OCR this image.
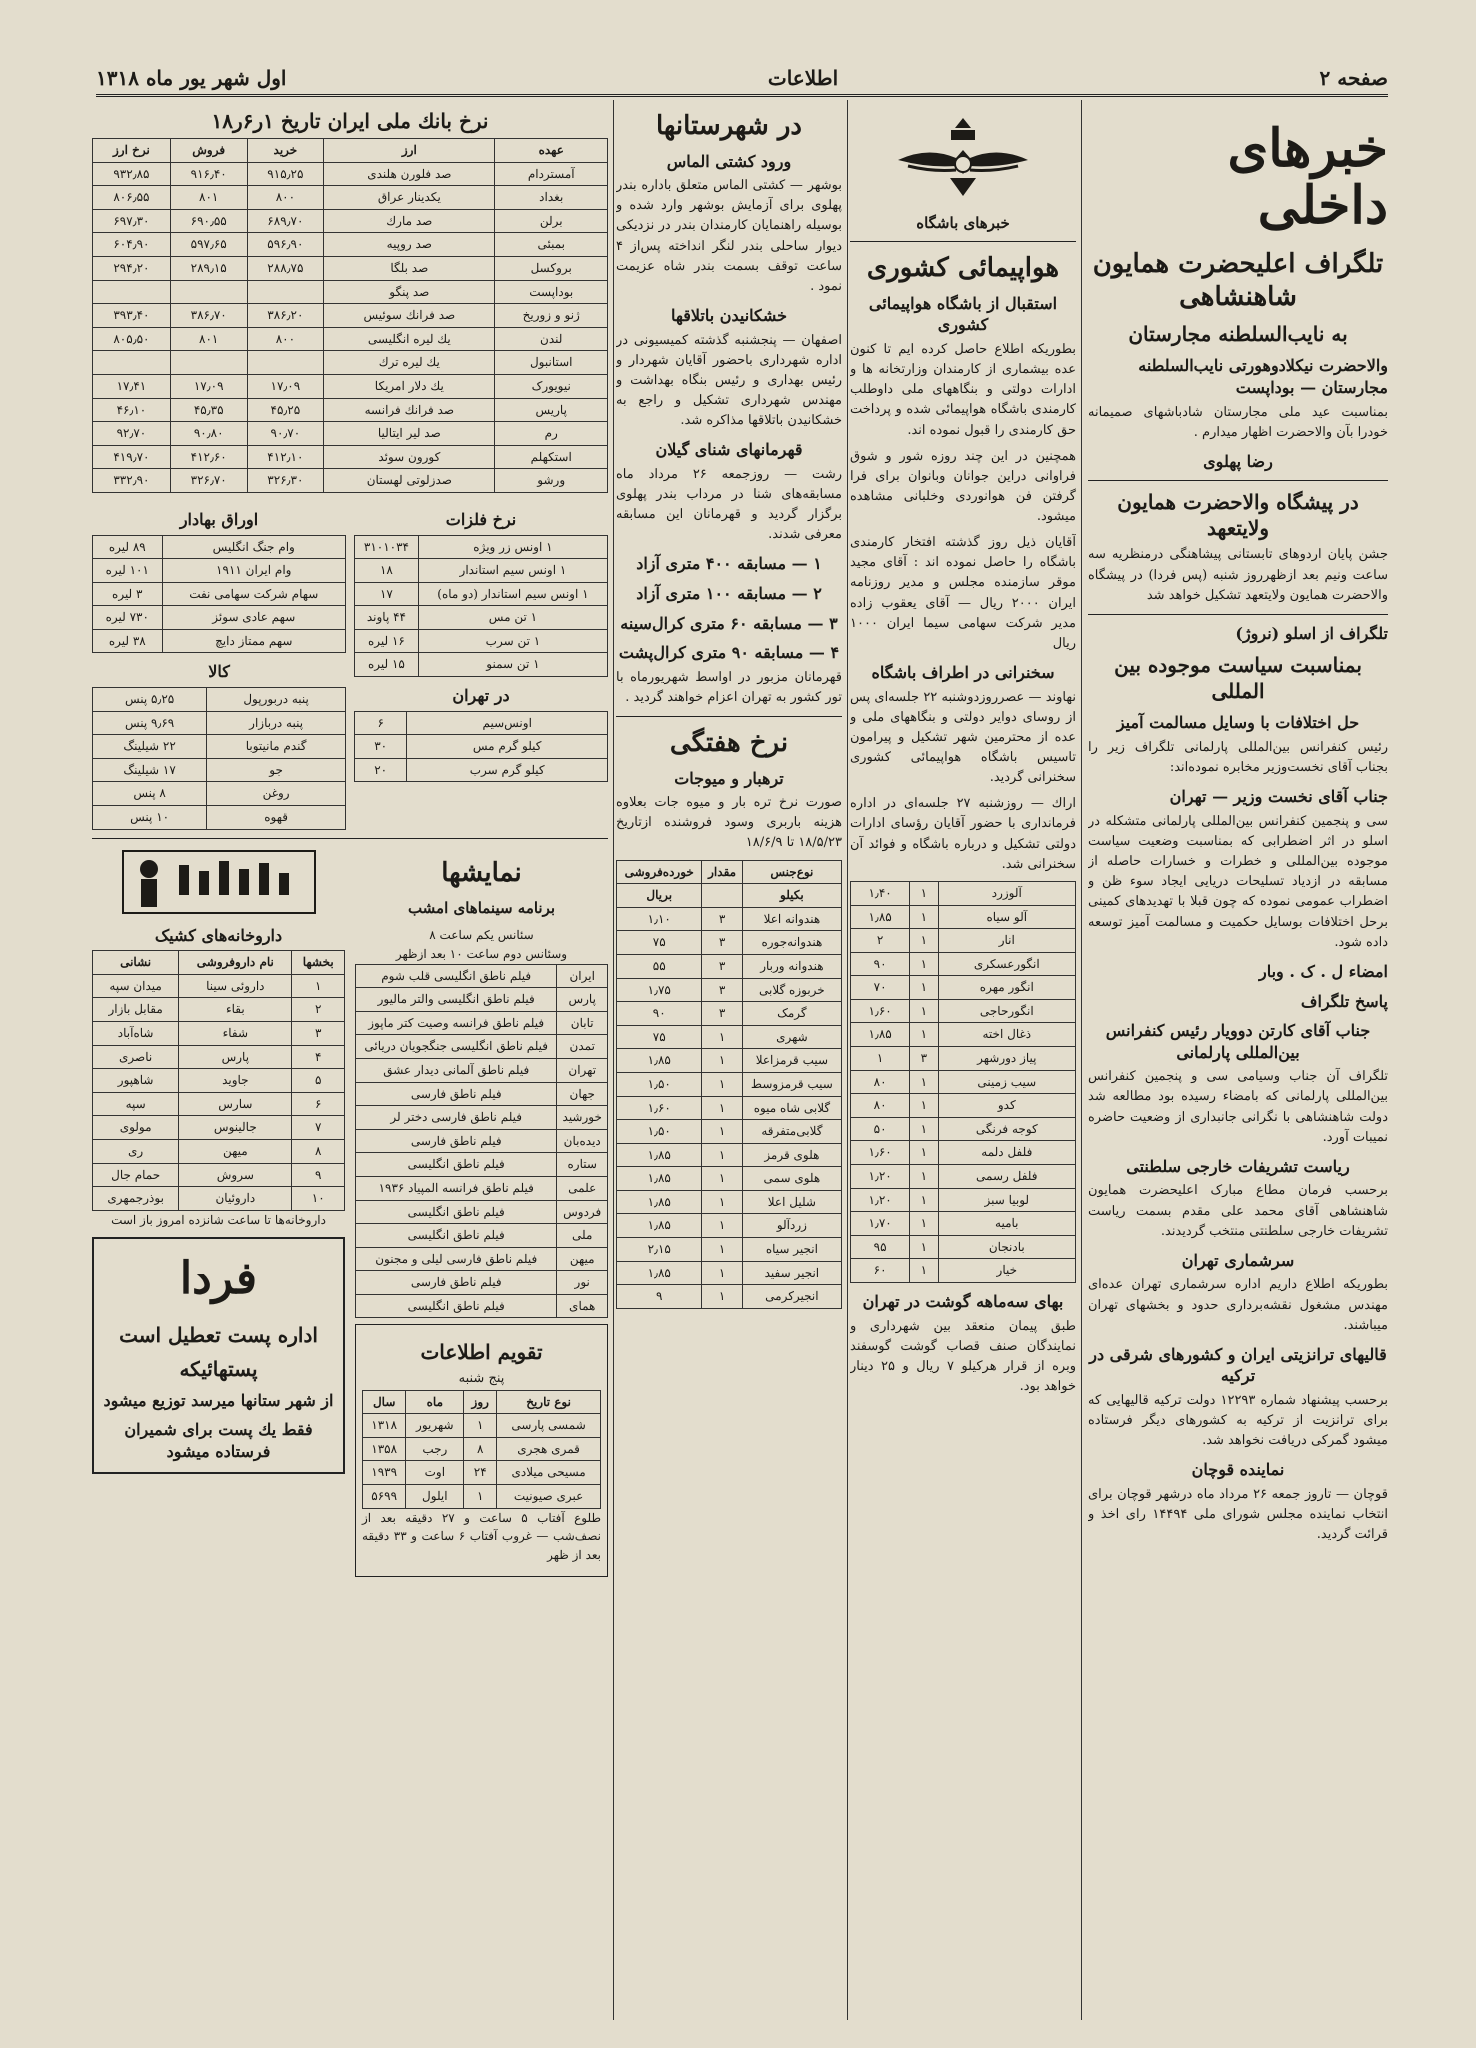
صفحه ۲
اطلاعات
اول شهر یور ماه ۱۳۱۸
خبرهای داخلی
تلگراف اعلیحضرت همایون شاهنشاهی
به نایب‌السلطنه مجارستان
والاحضرت نیکلادوهورتی نایب‌السلطنه مجارستان — بوداپست

بمناسبت عید ملی مجارستان شادباشهای صمیمانه خودرا بآن والاحضرت اظهار میدارم .

رضا پهلوی
در پیشگاه والاحضرت همایون ولایتعهد

جشن پایان اردوهای تابستانی پیشاهنگی درمنظریه سه ساعت ونیم بعد ازظهرروز شنبه (پس فردا) در پیشگاه والاحضرت همایون ولایتعهد تشکیل خواهد شد

تلگراف از اسلو (نروژ)
بمناسبت سیاست موجوده بین المللی
حل اختلافات با وسایل مسالمت آمیز

رئیس کنفرانس بین‌المللی پارلمانی تلگراف زیر را بجناب آقای نخست‌وزیر مخابره نموده‌اند:

جناب آقای نخست وزیر — تهران

سی و پنجمین کنفرانس بین‌المللی پارلمانی متشکله در اسلو در اثر اضطرابی که بمناسبت وضعیت سیاست موجوده بین‌المللی و خطرات و خسارات حاصله از مسابقه در ازدیاد تسلیحات دریایی ایجاد سوء ظن و اضطراب عمومی نموده که چون قبلا با تهدیدهای کمینی برحل اختلافات بوسایل حکمیت و مسالمت آمیز توسعه داده شود.

امضاء ل . ک . وبار
پاسخ تلگراف
جناب آقای کارتن دوویار رئیس کنفرانس بین‌المللی پارلمانی

تلگراف آن جناب وسیامی سی و پنجمین کنفرانس بین‌المللی پارلمانی که بامضاء رسیده بود مطالعه شد دولت شاهنشاهی با نگرانی جانبداری از وضعیت حاضره نمیبات آورد.

ریاست تشریفات خارجی سلطنتی

برحسب فرمان مطاع مبارک اعلیحضرت همایون شاهنشاهی آقای محمد علی مقدم بسمت ریاست تشریفات خارجی سلطنتی منتخب گردیدند.

سرشماری تهران

بطوریکه اطلاع داریم اداره سرشماری تهران عده‌ای مهندس مشغول نقشه‌برداری حدود و بخشهای تهران میباشند.

قالیهای ترانزیتی ایران و کشورهای شرقی در ترکیه

برحسب پیشنهاد شماره ۱۲۲۹۳ دولت ترکیه قالیهایی که برای ترانزیت از ترکیه به کشورهای دیگر فرستاده میشود گمرکی دریافت نخواهد شد.

نماینده قوچان

قوچان — تاروز جمعه ۲۶ مرداد ماه درشهر قوچان برای انتخاب نماینده مجلس شورای ملی ۱۴۴۹۴ رای اخذ و قرائت گردید.

خبرهای باشگاه
هواپیمائی کشوری
استقبال از باشگاه هواپیمائی کشوری

بطوریکه اطلاع حاصل کرده ایم تا کنون عده بیشماری از کارمندان وزارتخانه ها و ادارات دولتی و بنگاههای ملی داوطلب کارمندی باشگاه هواپیمائی شده و پرداخت حق کارمندی را قبول نموده اند.

همچنین در این چند روزه شور و شوق فراوانی دراین جوانان وبانوان برای فرا گرفتن فن هوانوردی وخلبانی مشاهده میشود.

آقایان ذیل روز گذشته افتخار کارمندی باشگاه را حاصل نموده اند : آقای مجید موقر سازمنده مجلس و مدیر روزنامه ایران ۲۰۰۰ ریال — آقای یعقوب زاده مدیر شرکت سهامی سیما ایران ۱۰۰۰ ریال

سخنرانی در اطراف باشگاه

نهاوند — عصرروزدوشنبه ۲۲ جلسه‌ای پس از روسای دوایر دولتی و بنگاههای ملی و عده از محترمین شهر تشکیل و پیرامون تاسیس باشگاه هواپیمائی کشوری سخنرانی گردید.

اراك — روزشنبه ۲۷ جلسه‌ای در اداره فرمانداری با حضور آقایان رؤسای ادارات دولتی تشکیل و درباره باشگاه و فوائد آن سخنرانی شد.

آلوزرد	۱	۱٫۴۰
آلو سیاه	۱	۱٫۸۵
انار	۱	۲
انگورعسکری	۱	۹۰
انگور مهره	۱	۷۰
انگورحاجی	۱	۱٫۶۰
ذغال اخته	۱	۱٫۸۵
پیاز دورشهر	۳	۱
سیب زمینی	۱	۸۰
کدو	۱	۸۰
کوجه فرنگی	۱	۵۰
فلفل دلمه	۱	۱٫۶۰
فلفل رسمی	۱	۱٫۲۰
لوبیا سبز	۱	۱٫۲۰
بامیه	۱	۱٫۷۰
بادنجان	۱	۹۵
خیار	۱	۶۰
بهای سه‌ماهه گوشت در تهران

طبق پیمان منعقد بین شهرداری و نمایندگان صنف قصاب گوشت گوسفند وبره از قرار هرکیلو ۷ ریال و ۲۵ دینار خواهد بود.

در شهرستانها
ورود کشتی الماس

بوشهر — کشتی الماس متعلق باداره بندر پهلوی برای آزمایش بوشهر وارد شده و بوسیله راهنمایان کارمندان بندر در نزدیکی دیوار ساحلی بندر لنگر انداخته پس‌از ۴ ساعت توقف بسمت بندر شاه عزیمت نمود .

خشکانیدن باتلاقها

اصفهان — پنجشنبه گذشته کمیسیونی در اداره شهرداری باحضور آقایان شهردار و رئیس بهداری و رئیس بنگاه بهداشت و مهندس شهرداری تشکیل و راجع به خشکانیدن باتلاقها مذاکره شد.

قهرمانهای شنای گیلان

رشت — روزجمعه ۲۶ مرداد ماه مسابقه‌های شنا در مرداب بندر پهلوی برگزار گردید و قهرمانان این مسابقه معرفی شدند.

۱ — مسابقه ۴۰۰ متری آزاد
۲ — مسابقه ۱۰۰ متری آزاد
۳ — مسابقه ۶۰ متری کرال‌سینه
۴ — مسابقه ۹۰ متری کرال‌پشت

قهرمانان مزبور در اواسط شهریورماه با تور کشور به تهران اعزام خواهند گردید .

نرخ هفتگی
ترهبار و میوجات

صورت نرخ تره بار و میوه جات بعلاوه هزینه باربری وسود فروشنده ازتاریخ ۱۸/۵/۲۳ تا ۱۸/۶/۹

نوع‌جنس	مقدار	خورده‌فروشی
بکیلو		بریال
هندوانه اعلا	۳	۱٫۱۰
هندوانه‌جوره	۳	۷۵
هندوانه وربار	۳	۵۵
خربوزه گلابی	۳	۱٫۷۵
گرمک	۳	۹۰
شهری	۱	۷۵
سیب قرمزاعلا	۱	۱٫۸۵
سیب قرمزوسط	۱	۱٫۵۰
گلابی شاه میوه	۱	۱٫۶۰
گلابی‌متفرقه	۱	۱٫۵۰
هلوی قرمز	۱	۱٫۸۵
هلوی سمی	۱	۱٫۸۵
شلیل اعلا	۱	۱٫۸۵
زردآلو	۱	۱٫۸۵
انجیر سیاه	۱	۲٫۱۵
انجیر سفید	۱	۱٫۸۵
انجیرکرمی	۱	۹
نرخ بانك ملی ایران تاریخ ۱ر۶ر۱۸
عهده	ارز	خرید	فروش	نرخ ارز
آمستردام	صد فلورن هلندی	۹۱۵٫۲۵	۹۱۶٫۴۰	۹۳۲٫۸۵
بغداد	یکدینار عراق	۸۰۰	۸۰۱	۸۰۶٫۵۵
برلن	صد مارك	۶۸۹٫۷۰	۶۹۰٫۵۵	۶۹۷٫۳۰
بمبئی	صد روپیه	۵۹۶٫۹۰	۵۹۷٫۶۵	۶۰۴٫۹۰
بروکسل	صد بلگا	۲۸۸٫۷۵	۲۸۹٫۱۵	۲۹۴٫۲۰
بوداپست	صد پنگو			
ژنو و زوریخ	صد فرانك سوئیس	۳۸۶٫۲۰	۳۸۶٫۷۰	۳۹۳٫۴۰
لندن	یك لیره انگلیسی	۸۰۰	۸۰۱	۸۰۵٫۵۰
استانبول	یك لیره ترك			
نیویورک	یك دلار امریکا	۱۷٫۰۹	۱۷٫۰۹	۱۷٫۴۱
پاریس	صد فرانك فرانسه	۴۵٫۲۵	۴۵٫۳۵	۴۶٫۱۰
رم	صد لیر ایتالیا	۹۰٫۷۰	۹۰٫۸۰	۹۲٫۷۰
استکهلم	کورون سوئد	۴۱۲٫۱۰	۴۱۲٫۶۰	۴۱۹٫۷۰
ورشو	صدزلوتی لهستان	۳۲۶٫۳۰	۳۲۶٫۷۰	۳۳۲٫۹۰
نرخ فلزات
۱ اونس زر ویژه	۳۱۰۱۰۳۴
۱ اونس سیم استاندار	۱۸
۱ اونس سیم استاندار (دو ماه)	۱۷
۱ تن مس	۴۴ پاوند
۱ تن سرب	۱۶ لیره
۱ تن سمنو	۱۵ لیره
در تهران
اونس‌سیم	۶
کیلو گرم مس	۳۰
کیلو گرم سرب	۲۰
اوراق بهادار
وام جنگ انگلیس	۸۹ لیره
وام ایران ۱۹۱۱	۱۰۱ لیره
سهام شرکت سهامی نفت	۳ لیره
سهم عادی سوئز	۷۳۰ لیره
سهم ممتاز دایچ	۳۸ لیره
کالا
پنبه دربورپول	۵٫۲۵ پنس
پنبه دربازار	۹٫۶۹ پنس
گندم مانیتوبا	۲۲ شیلینگ
جو	۱۷ شیلینگ
روغن	۸ پنس
قهوه	۱۰ پنس
نمایشها
برنامه سینماهای امشب
سئانس یکم ساعت ۸
وسئانس دوم ساعت ۱۰ بعد ازظهر
ایران	فیلم ناطق انگلیسی قلب شوم
پارس	فیلم ناطق انگلیسی والتر مالیور
تابان	فیلم ناطق فرانسه وصیت کتر ماپوز
تمدن	فیلم ناطق انگلیسی جنگجویان دریائی
تهران	فیلم ناطق آلمانی دیدار عشق
جهان	فیلم ناطق فارسی
خورشید	فیلم ناطق فارسی دختر لر
دیده‌بان	فیلم ناطق فارسی
ستاره	فیلم ناطق انگلیسی
علمی	فیلم ناطق فرانسه المپیاد ۱۹۳۶
فردوس	فیلم ناطق انگلیسی
ملی	فیلم ناطق انگلیسی
میهن	فیلم ناطق فارسی لیلی و مجنون
نور	فیلم ناطق فارسی
همای	فیلم ناطق انگلیسی
تقویم اطلاعات
پنج شنبه
نوع تاریخ	روز	ماه	سال
شمسی پارسی	۱	شهریور	۱۳۱۸
قمری هجری	۸	رجب	۱۳۵۸
مسیحی میلادی	۲۴	اوت	۱۹۳۹
عبری صیونیت	۱	ایلول	۵۶۹۹

طلوع آفتاب ۵ ساعت و ۲۷ دقیقه بعد از نصف‌شب — غروب آفتاب ۶ ساعت و ۳۳ دقیقه بعد از ظهر

داروخانه‌های کشیک
بخشها	نام داروفروشی	نشانی
۱	داروئی سینا	میدان سپه
۲	بقاء	مقابل بازار
۳	شفاء	شاه‌آباد
۴	پارس	ناصری
۵	جاوید	شاهپور
۶	سارس	سپه
۷	جالینوس	مولوی
۸	میهن	ری
۹	سروش	حمام جال
۱۰	داروئیان	بوذرجمهری

داروخانه‌ها تا ساعت شانزده امروز باز است

فردا
اداره پست تعطیل است
پستهائیکه
از شهر ستانها میرسد توزیع میشود
فقط یك پست برای شمیران فرستاده میشود
